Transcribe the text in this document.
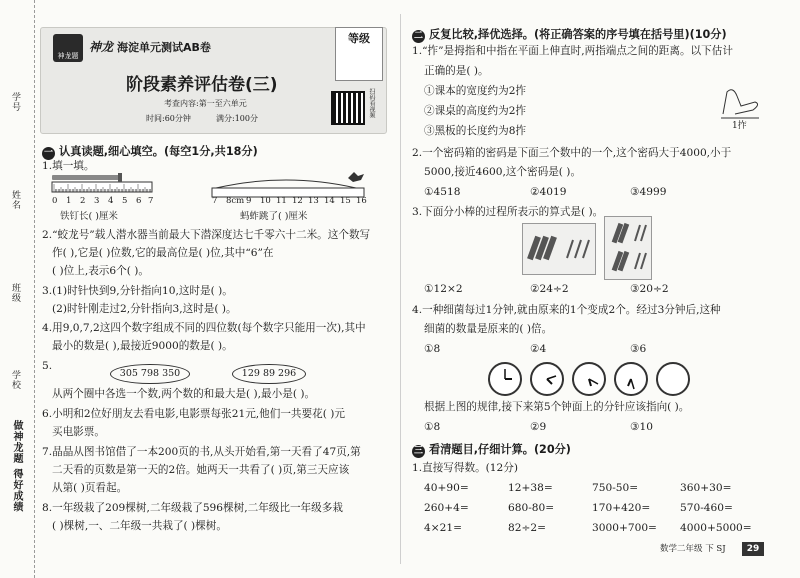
学号
姓名
班级
学校
做神龙题 得好成绩
神龙题
神龙 海淀单元测试AB卷
等级
阶段素养评估卷(三)
考查内容:第一至六单元
时间:60分钟	满分:100分
扫码看视频
一 认真读题,细心填空。(每空1分,共18分)
1.填一填。
0 1 2 3 4 5 6 7
铁钉长( )厘米
7 8cm 9 10 11 12 13 14 15 16
蚂蚱跳了( )厘米
2.“蛟龙号”载人潜水器当前最大下潜深度达七千零六十二米。这个数写
作( ),它是( )位数,它的最高位是( )位,其中“6”在
( )位上,表示6个( )。
3.(1)时针快到9,分针指向10,这时是( )。
(2)时针刚走过2,分针指向3,这时是( )。
4.用9,0,7,2这四个数字组成不同的四位数(每个数字只能用一次),其中
最小的数是( ),最接近9000的数是( )。
5.
305 798 350	129 89 296
从两个圈中各选一个数,两个数的和最大是( ),最小是( )。
6.小明和2位好朋友去看电影,电影票每张21元,他们一共要花( )元
买电影票。
7.晶晶从图书馆借了一本200页的书,从头开始看,第一天看了47页,第
二天看的页数是第一天的2倍。她两天一共看了( )页,第三天应该
从第( )页看起。
8.一年级栽了209棵树,二年级栽了596棵树,二年级比一年级多栽
( )棵树,一、二年级一共栽了( )棵树。
二 反复比较,择优选择。(将正确答案的序号填在括号里)(10分)
1.“拃”是拇指和中指在平面上伸直时,两指端点之间的距离。以下估计
正确的是( )。
①课本的宽度约为2拃
②课桌的高度约为2拃
③黑板的长度约为8拃	1拃
2.一个密码箱的密码是下面三个数中的一个,这个密码大于4000,小于
5000,接近4600,这个密码是( )。
①4518	②4019	③4999
3.下面分小棒的过程所表示的算式是( )。
①12×2	②24÷2	③20÷2
4.一种细菌每过1分钟,就由原来的1个变成2个。经过3分钟后,这种
细菌的数量是原来的( )倍。
①8	②4	③6
根据上图的规律,接下来第5个钟面上的分针应该指向( )。
①8	②9	③10
三 看清题目,仔细计算。(20分)
1.直接写得数。(12分)
40+90=	12+38=	750-50=	360+30=
260+4=	680-80=	170+420=	570-460=
4×21=	82÷2=	3000+700= 4000+5000=
数学二年级 下 SJ	29
